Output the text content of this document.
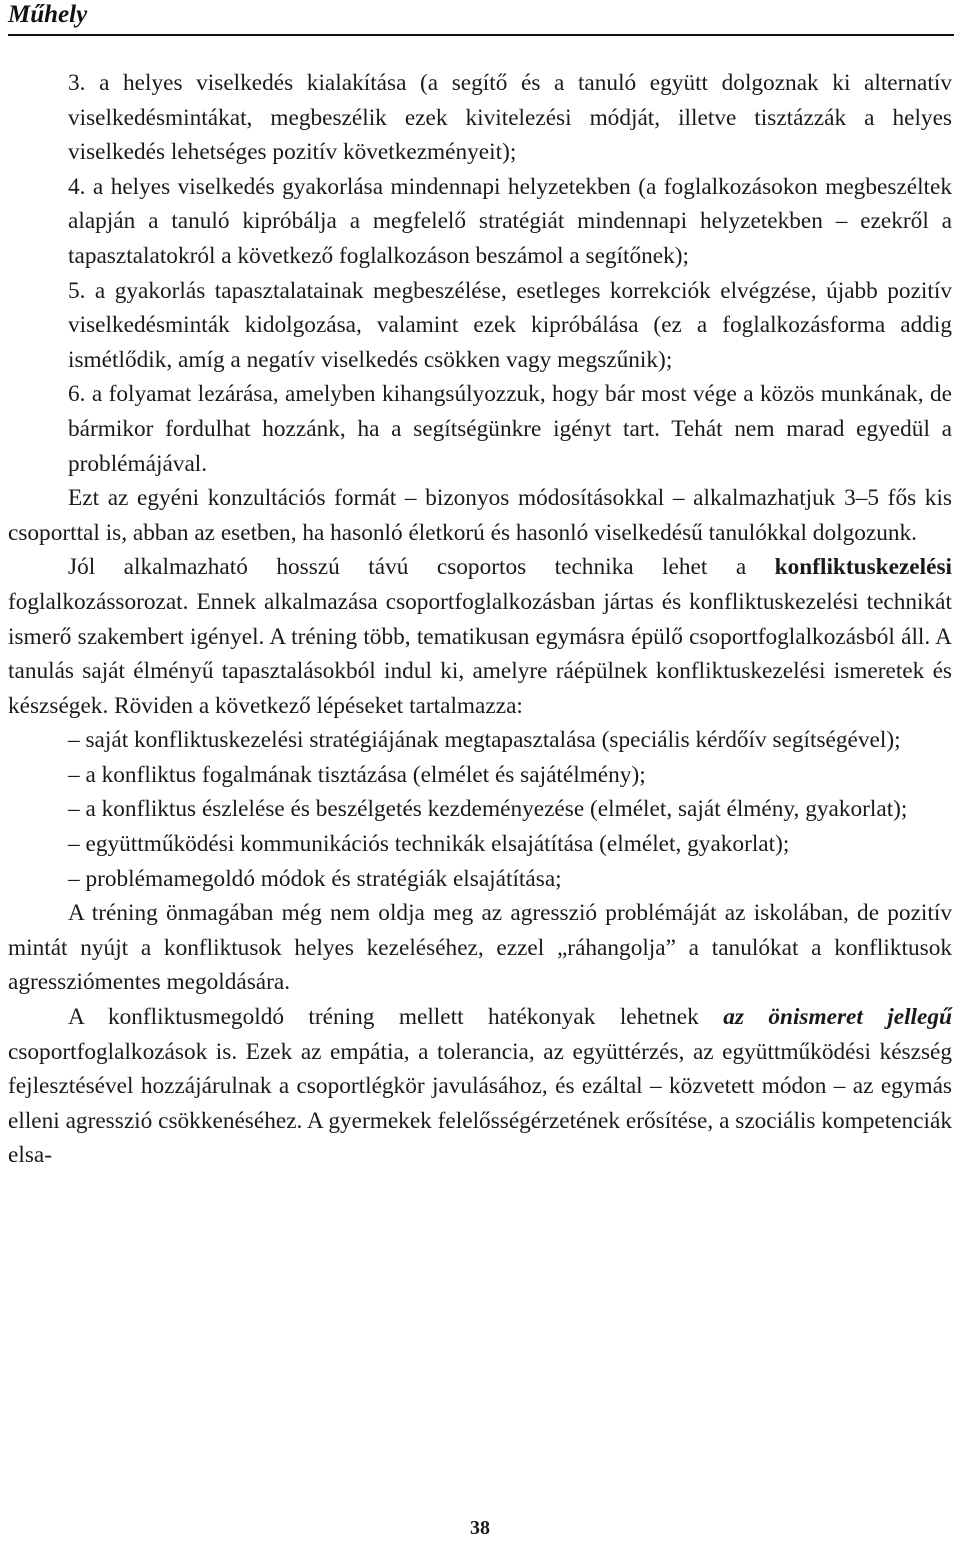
Műhely

3. a helyes viselkedés kialakítása (a segítő és a tanuló együtt dolgoznak ki alternatív viselkedésmintákat, megbeszélik ezek kivitelezési módját, illetve tisztázzák a helyes viselkedés lehetséges pozitív következményeit);

4. a helyes viselkedés gyakorlása mindennapi helyzetekben (a foglalkozásokon megbeszéltek alapján a tanuló kipróbálja a megfelelő stratégiát mindennapi helyzetekben – ezekről a tapasztalatokról a következő foglalkozáson beszámol a segítőnek);

5. a gyakorlás tapasztalatainak megbeszélése, esetleges korrekciók elvégzése, újabb pozitív viselkedésminták kidolgozása, valamint ezek kipróbálása (ez a foglalkozásforma addig ismétlődik, amíg a negatív viselkedés csökken vagy megszűnik);

6. a folyamat lezárása, amelyben kihangsúlyozzuk, hogy bár most vége a közös munkának, de bármikor fordulhat hozzánk, ha a segítségünkre igényt tart. Tehát nem marad egyedül a problémájával.

Ezt az egyéni konzultációs formát – bizonyos módosításokkal – alkalmazhatjuk 3–5 fős kis csoporttal is, abban az esetben, ha hasonló életkorú és hasonló viselkedésű tanulókkal dolgozunk.

Jól alkalmazható hosszú távú csoportos technika lehet a konfliktuskezelési foglalkozássorozat. Ennek alkalmazása csoportfoglalkozásban jártas és konfliktuskezelési technikát ismerő szakembert igényel. A tréning több, tematikusan egymásra épülő csoportfoglalkozásból áll. A tanulás saját élményű tapasztalásokból indul ki, amelyre ráépülnek konfliktuskezelési ismeretek és készségek. Röviden a következő lépéseket tartalmazza:

– saját konfliktuskezelési stratégiájának megtapasztalása (speciális kérdőív segítségével);

– a konfliktus fogalmának tisztázása (elmélet és sajátélmény);

– a konfliktus észlelése és beszélgetés kezdeményezése (elmélet, saját élmény, gyakorlat);

– együttműködési kommunikációs technikák elsajátítása (elmélet, gyakorlat);

– problémamegoldó módok és stratégiák elsajátítása;

A tréning önmagában még nem oldja meg az agresszió problémáját az iskolában, de pozitív mintát nyújt a konfliktusok helyes kezeléséhez, ezzel „ráhangolja” a tanulókat a konfliktusok agressziómentes megoldására.

A konfliktusmegoldó tréning mellett hatékonyak lehetnek az önismeret jellegű csoportfoglalkozások is. Ezek az empátia, a tolerancia, az együttérzés, az együttműködési készség fejlesztésével hozzájárulnak a csoportlégkör javulásához, és ezáltal – közvetett módon – az egymás elleni agresszió csökkenéséhez. A gyermekek felelősségérzetének erősítése, a szociális kompetenciák elsa-

38
